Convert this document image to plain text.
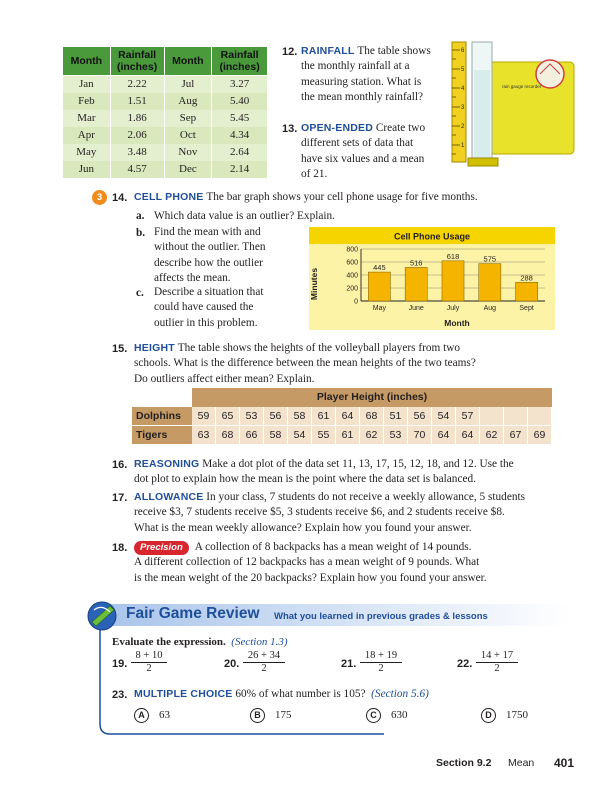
Month	Rainfall (inches)	Month	Rainfall (inches)
Jan	2.22	Jul	3.27
Feb	1.51	Aug	5.40
Mar	1.86	Sep	5.45
Apr	2.06	Oct	4.34
May	3.48	Nov	2.64
Jun	4.57	Dec	2.14
6
5
4
3
2
1
rain gauge recorder
12. RAINFALL The table shows
the monthly rainfall at a
measuring station. What is
the mean monthly rainfall?
13. OPEN-ENDED Create two
different sets of data that
have six values and a mean
of 21.
3 14. CELL PHONE The bar graph shows your cell phone usage for five months.
a. Which data value is an outlier? Explain.
b. Find the mean with and
without the outlier. Then
describe how the outlier
affects the mean.
c. Describe a situation that
could have caused the
outlier in this problem.
Cell Phone Usage
445
516
618	575
288
800
600
400
200
0
May	June	July	Aug	Sept
Minutes
Month
15. HEIGHT The table shows the heights of the volleyball players from two
schools. What is the difference between the mean heights of the two teams?
Do outliers affect either mean? Explain.
Player Height (inches)
Dolphins	59	65	53	56	58	61	64	68	51	56	54	57
Tigers	63	68	66	58	54	55	61	62	53	70	64	64	62	67	69
16. REASONING Make a dot plot of the data set 11, 13, 17, 15, 12, 18, and 12. Use the
dot plot to explain how the mean is the point where the data set is balanced.
17. ALLOWANCE In your class, 7 students do not receive a weekly allowance, 5 students
receive $3, 7 students receive $5, 3 students receive $6, and 2 students receive $8.
What is the mean weekly allowance? Explain how you found your answer.
18.	Precision A collection of 8 backpacks has a mean weight of 14 pounds.
A different collection of 12 backpacks has a mean weight of 9 pounds. What
is the mean weight of the 20 backpacks? Explain how you found your answer.
Fair Game Review What you learned in previous grades & lessons
Evaluate the expression. (Section 1.3)
19. $\frac{8 + 10}{2}$	20. $\frac{26 + 34}{2}$	21. $\frac{18 + 19}{2}$	22. $\frac{14 + 17}{2}$
23. MULTIPLE CHOICE 60% of what number is 105? (Section 5.6)
A 63	B 175	C 630	D 1750
Section 9.2 Mean 401
